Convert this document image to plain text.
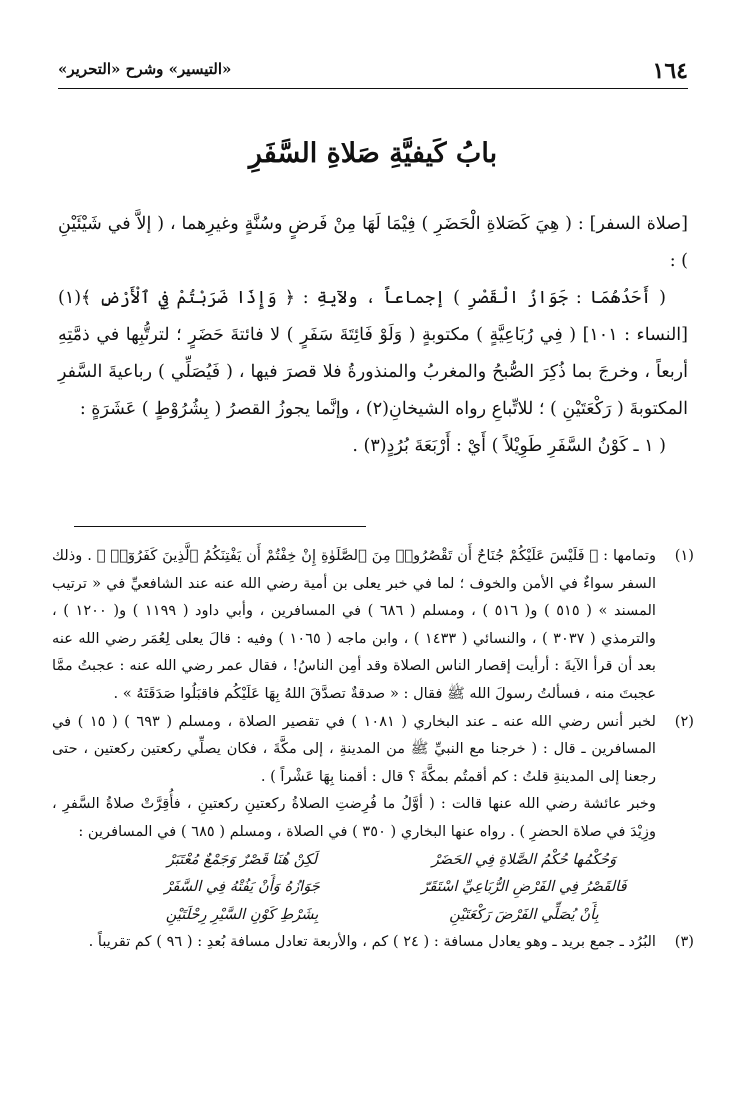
١٦٤
«التيسير» وشرح «التحرير»
بابُ كَيفيَّةِ صَلاةِ السَّفَرِ

[صلاة السفر] : ( هِيَ كَصَلاةِ الْحَضَرِ ) فِيْمَا لَهَا مِنْ فَرضٍ وسُنَّةٍ وغيرِهما ، ( إلاَّ في شَيْئَيْنِ ) :

( أَحَدُهُمَا : جَوَازُ الْقَصْرِ ) إجماعاً ، ولآيةِ : ﴿ وَإِذَا ضَرَبْتُمْ فِي ٱلْأَرْضِ ﴾(١) [النساء : ١٠١] ( فِي رُبَاعِيَّةٍ ) مكتوبةٍ ( وَلَوْ فَائِتَةَ سَفَرٍ ) لا فائتةَ حَضَرٍ ؛ لترتُّبِها في ذمَّتِهِ أربعاً ، وخرجَ بما ذُكِرَ الصُّبحُ والمغربُ والمنذورةُ فلا قصرَ فيها ، ( فَيُصَلِّي ) رباعيةَ السَّفرِ المكتوبةَ ( رَكْعَتَيْنِ ) ؛ للاتِّباعِ رواه الشيخانِ(٢) ، وإنَّما يجوزُ القصرُ ( بِشُرُوْطٍ ) عَشَرَةٍ :

( ١ ـ كَوْنُ السَّفَرِ طَوِيْلاً ) أَيْ : أَرْبَعَةَ بُرُدٍ(٣) .

(١)

وتمامها : ﴿ فَلَيْسَ عَلَيْكُمْ جُنَاحٌ أَن تَقْصُرُوا۟ مِنَ ٱلصَّلَوٰةِ إِنْ خِفْتُمْ أَن يَفْتِنَكُمُ ٱلَّذِينَ كَفَرُوٓا۟ ﴾ . وذلك السفر سواءٌ في الأمن والخوف ؛ لما في خبر يعلى بن أمية رضي الله عنه عند الشافعيِّ في « ترتيب المسند » ( ٥١٥ ) و( ٥١٦ ) ، ومسلم ( ٦٨٦ ) في المسافرين ، وأبي داود ( ١١٩٩ ) و( ١٢٠٠ ) ، والترمذي ( ٣٠٣٧ ) ، والنسائي ( ١٤٣٣ ) ، وابن ماجه ( ١٠٦٥ ) وفيه : قالَ يعلى لِعُمَر رضي الله عنه بعد أن قرأ الآيةَ : أرأيت إقصار الناس الصلاة وقد أمِن الناسُ! ، فقال عمر رضي الله عنه : عجبتُ ممَّا عجبتَ منه ، فسألتُ رسولَ الله ﷺ فقال : « صدقةٌ تصدَّقَ اللهُ بِهَا عَلَيْكُم فاقبَلُوا صَدَقَتَهُ » .

(٢)

لخبر أنس رضي الله عنه ـ عند البخاري ( ١٠٨١ ) في تقصير الصلاة ، ومسلم ( ٦٩٣ ) ( ١٥ ) في المسافرين ـ قال : ( خرجنا مع النبيِّ ﷺ من المدينةِ ، إلى مكَّةَ ، فكان يصلِّي ركعتين ركعتين ، حتى رجعنا إلى المدينةِ قلتُ : كم أقمتُم بمكَّةَ ؟ قال : أقمنا بِهَا عَشْراً ) .

وخبر عائشة رضي الله عنها قالت : ( أوَّلُ ما فُرِضتِ الصلاةُ ركعتينِ ركعتينِ ، فأُقِرَّتْ صلاةُ السَّفرِ ، وزِيْدَ في صلاة الحضرِ ) . رواه عنها البخاري ( ٣٥٠ ) في الصلاة ، ومسلم ( ٦٨٥ ) في المسافرين :

وَحُكْمُها حُكْمُ الصَّلاةِ فِي الحَضَرْ
لَكِنْ هُنَا قَصْرٌ وَجَمْعٌ مُعْتَبَرْ
فَالقَصْرُ فِي الفَرْضِ الرُّبَاعِيِّ اسْتَقَرّ
جَوَازُهُ وَأَنْ يَفُتْهُ فِي السَّفَرْ
بِأَنْ يُصَلِّي الفَرْضَ رَكْعَتَيْنِ
بِشَرْطِ كَوْنِ السَّيْرِ رِحْلَتَيْنِ
(٣)

البُرُد ـ جمع بريد ـ وهو يعادل مسافة : ( ٢٤ ) كم ، والأربعة تعادل مسافة بُعدِ : ( ٩٦ ) كم تقريباً .
